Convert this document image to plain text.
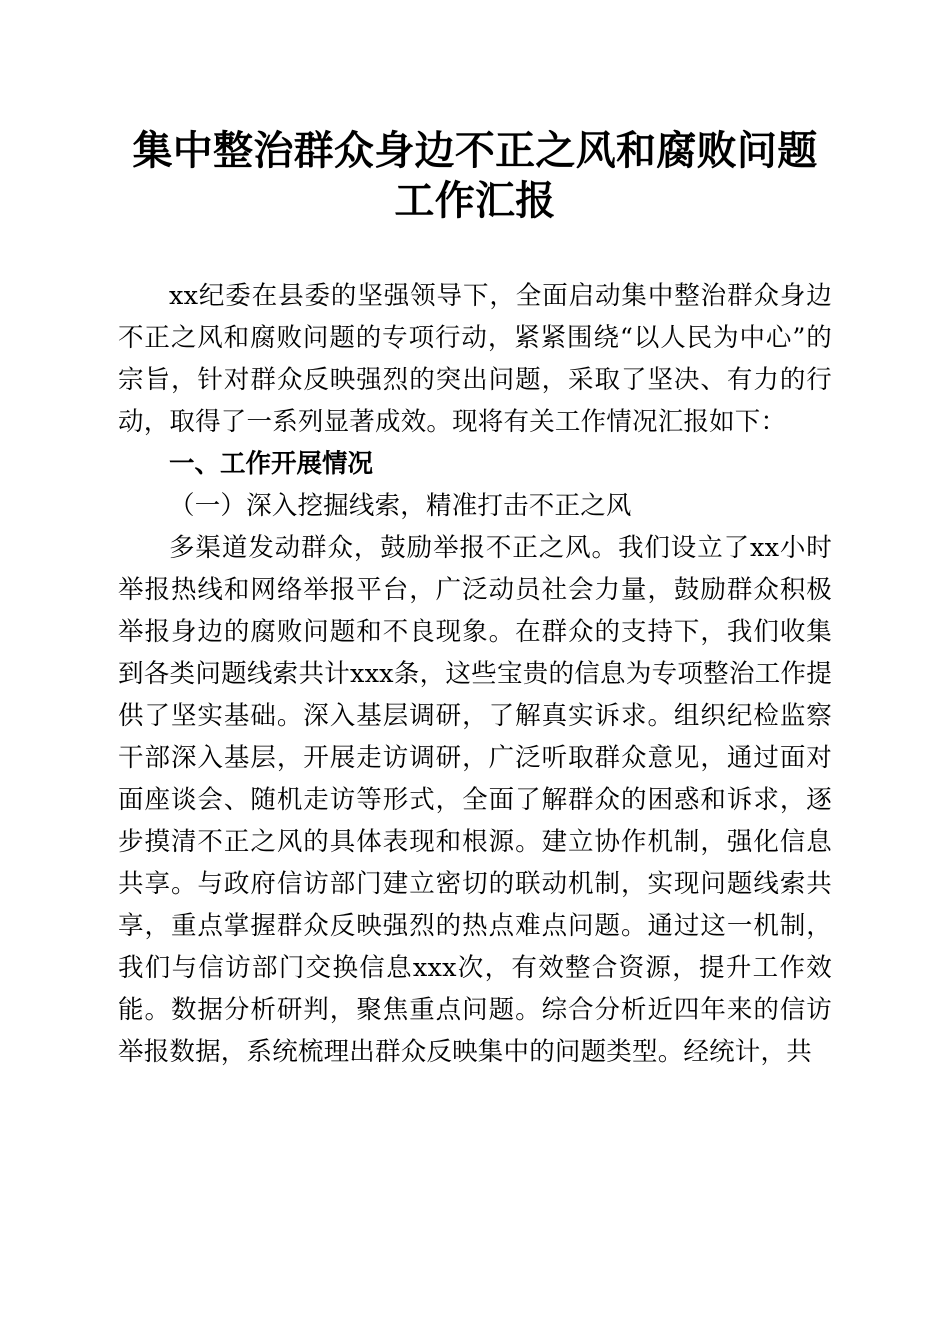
集中整治群众身边不正之风和腐败问题工作汇报

xx纪委在县委的坚强领导下，全面启动集中整治群众身边不正之风和腐败问题的专项行动，紧紧围绕“以人民为中心”的宗旨，针对群众反映强烈的突出问题，采取了坚决、有力的行动，取得了一系列显著成效。现将有关工作情况汇报如下：

一、工作开展情况

（一）深入挖掘线索，精准打击不正之风

多渠道发动群众，鼓励举报不正之风。我们设立了xx小时举报热线和网络举报平台，广泛动员社会力量，鼓励群众积极举报身边的腐败问题和不良现象。在群众的支持下，我们收集到各类问题线索共计xxx条，这些宝贵的信息为专项整治工作提供了坚实基础。深入基层调研，了解真实诉求。组织纪检监察干部深入基层，开展走访调研，广泛听取群众意见，通过面对面座谈会、随机走访等形式，全面了解群众的困惑和诉求，逐步摸清不正之风的具体表现和根源。建立协作机制，强化信息共享。与政府信访部门建立密切的联动机制，实现问题线索共享，重点掌握群众反映强烈的热点难点问题。通过这一机制，我们与信访部门交换信息xxx次，有效整合资源，提升工作效能。数据分析研判，聚焦重点问题。综合分析近四年来的信访举报数据，系统梳理出群众反映集中的问题类型。经统计，共
